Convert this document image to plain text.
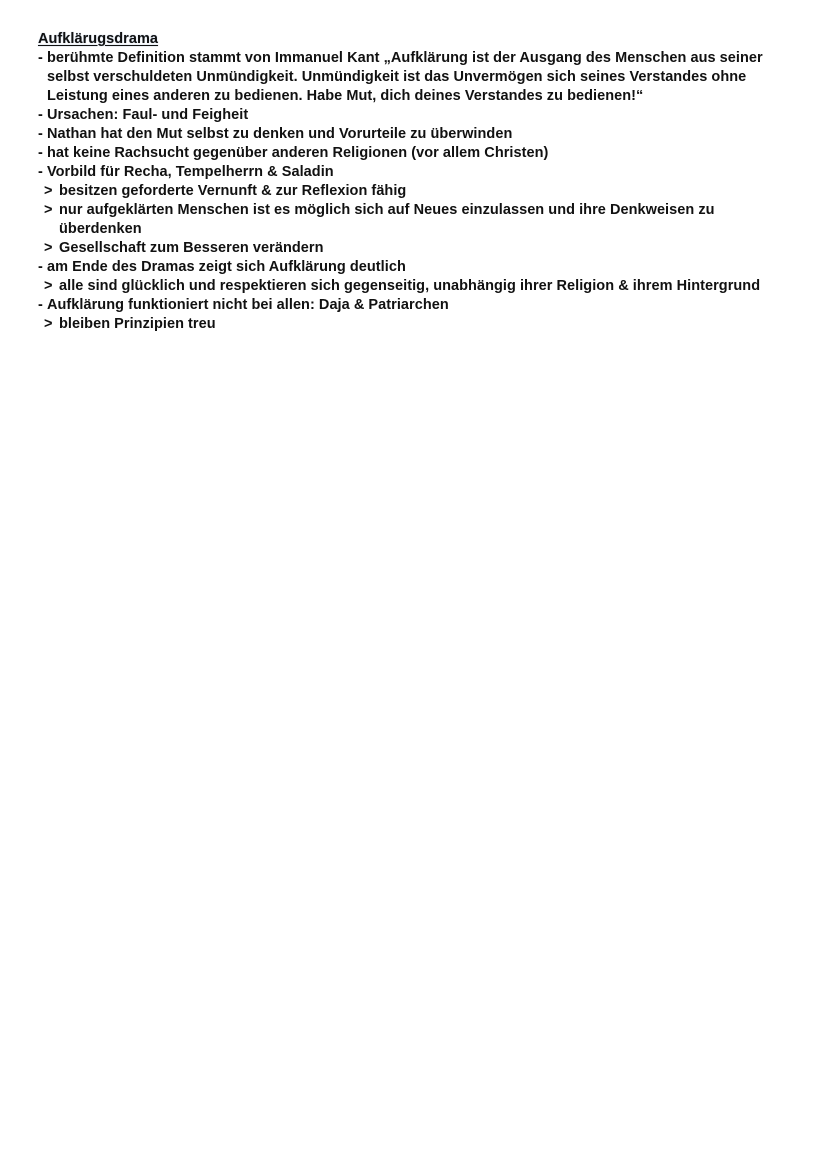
Aufklärugsdrama
- berühmte Definition stammt von Immanuel Kant „Aufklärung ist der Ausgang des Menschen aus seiner selbst verschuldeten Unmündigkeit. Unmündigkeit ist das Unvermögen sich seines Verstandes ohne Leistung eines anderen zu bedienen. Habe Mut, dich deines Verstandes zu bedienen!“
- Ursachen: Faul- und Feigheit
- Nathan hat den Mut selbst zu denken und Vorurteile zu überwinden
- hat keine Rachsucht gegenüber anderen Religionen (vor allem Christen)
- Vorbild für Recha, Tempelherrn & Saladin
> besitzen geforderte Vernunft & zur Reflexion fähig
> nur aufgeklärten Menschen ist es möglich sich auf Neues einzulassen und ihre Denkweisen zu überdenken
> Gesellschaft zum Besseren verändern
- am Ende des Dramas zeigt sich Aufklärung deutlich
> alle sind glücklich und respektieren sich gegenseitig, unabhängig ihrer Religion & ihrem Hintergrund
- Aufklärung funktioniert nicht bei allen: Daja & Patriarchen
> bleiben Prinzipien treu
